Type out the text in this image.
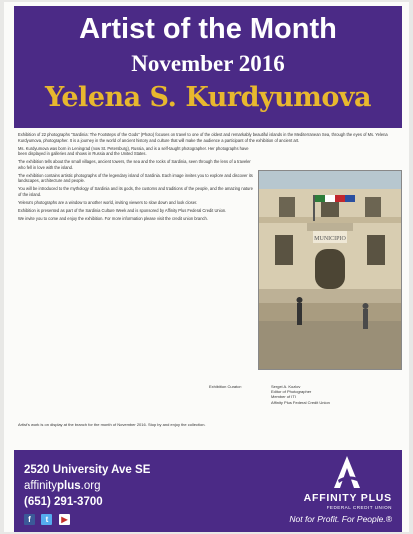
Artist of the Month
November 2016
Yelena S. Kurdyumova

Exhibition of 22 photographs "Sardinia: The Footsteps of the Gods" (Photo) focuses on travel to one of the oldest and remarkably beautiful islands in the Mediterranean Sea, through the eyes of Ms. Yelena Kurdyumova, photographer. It is a journey in the world of ancient history and culture that will make the audience a participant of the exhibition of ancient art.

Ms. Kurdyumova was born in Leningrad (now St. Petersburg), Russia, and is a self-taught photographer. Her photographs have been displayed in galleries and shows in Russia and the United States.

The exhibition tells about the small villages, ancient towers, the sea and the rocks of Sardinia, seen through the lens of a traveler who fell in love with the island.

The exhibition contains artistic photographs of the legendary island of Sardinia. Each image invites you to explore and discover its landscapes, architecture and people.

You will be introduced to the mythology of Sardinia and its gods, the customs and traditions of the people, and the amazing nature of the island.

Yelena's photographs are a window to another world, inviting viewers to slow down and look closer.

Exhibition is presented as part of the Sardinia Culture Week and is sponsored by Affinity Plus Federal Credit Union.

We invite you to come and enjoy the exhibition. For more information please visit the credit union branch.

MUNICIPIO
Exhibition Curator:	Sergei A. Kozlov
Editor of Photographer
Member of ITI
Affinity Plus Federal Credit Union
Artist's work is on display at the branch for the month of November 2016. Stop by and enjoy the collection.
2520 University Ave SE
affinityplus.org
(651) 291-3700
f t ▶
AFFINITY PLUS
FEDERAL CREDIT UNION
Not for Profit. For People.®
